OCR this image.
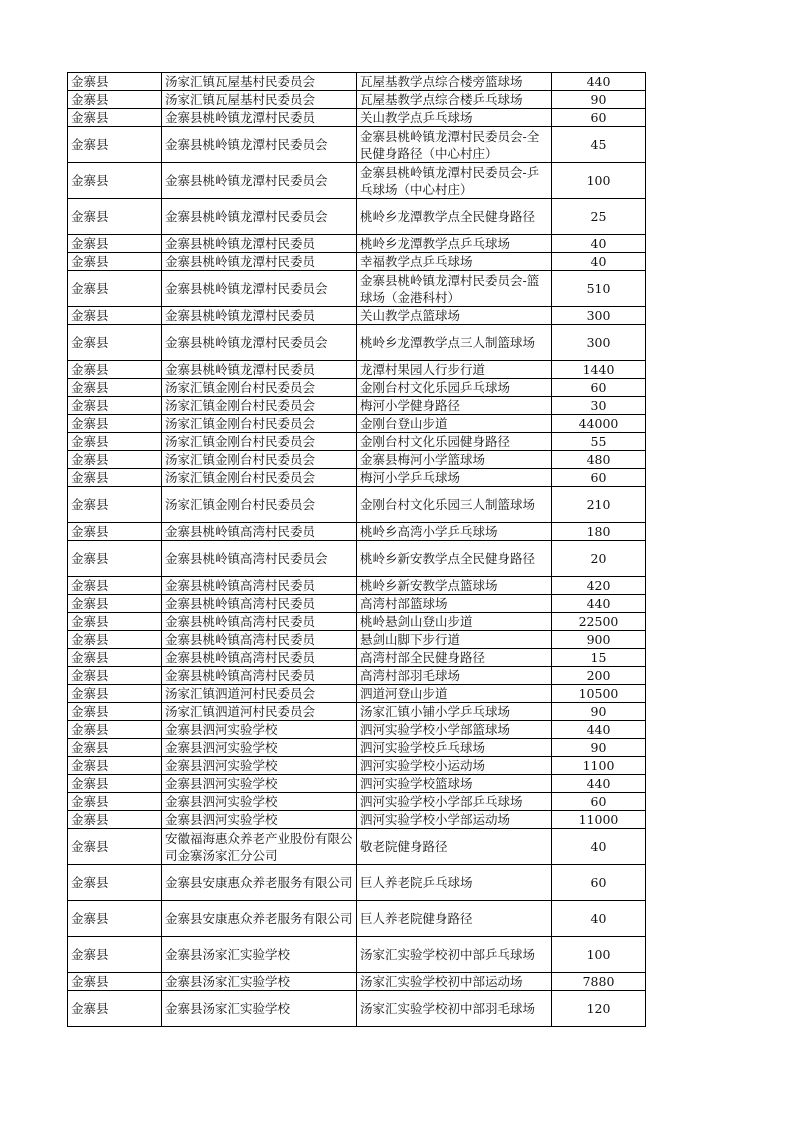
金寨县	汤家汇镇瓦屋基村民委员会	瓦屋基教学点综合楼旁篮球场	440
金寨县	汤家汇镇瓦屋基村民委员会	瓦屋基教学点综合楼乒乓球场	90
金寨县	金寨县桃岭镇龙潭村民委员	关山教学点乒乓球场	60
金寨县	金寨县桃岭镇龙潭村民委员会	金寨县桃岭镇龙潭村民委员会-全民健身路径（中心村庄）	45
金寨县	金寨县桃岭镇龙潭村民委员会	金寨县桃岭镇龙潭村民委员会-乒乓球场（中心村庄）	100
金寨县	金寨县桃岭镇龙潭村民委员会	桃岭乡龙潭教学点全民健身路径	25
金寨县	金寨县桃岭镇龙潭村民委员	桃岭乡龙潭教学点乒乓球场	40
金寨县	金寨县桃岭镇龙潭村民委员	幸福教学点乒乓球场	40
金寨县	金寨县桃岭镇龙潭村民委员会	金寨县桃岭镇龙潭村民委员会-篮球场（金港科村）	510
金寨县	金寨县桃岭镇龙潭村民委员	关山教学点篮球场	300
金寨县	金寨县桃岭镇龙潭村民委员会	桃岭乡龙潭教学点三人制篮球场	300
金寨县	金寨县桃岭镇龙潭村民委员	龙潭村果园人行步行道	1440
金寨县	汤家汇镇金刚台村民委员会	金刚台村文化乐园乒乓球场	60
金寨县	汤家汇镇金刚台村民委员会	梅河小学健身路径	30
金寨县	汤家汇镇金刚台村民委员会	金刚台登山步道	44000
金寨县	汤家汇镇金刚台村民委员会	金刚台村文化乐园健身路径	55
金寨县	汤家汇镇金刚台村民委员会	金寨县梅河小学篮球场	480
金寨县	汤家汇镇金刚台村民委员会	梅河小学乒乓球场	60
金寨县	汤家汇镇金刚台村民委员会	金刚台村文化乐园三人制篮球场	210
金寨县	金寨县桃岭镇高湾村民委员	桃岭乡高湾小学乒乓球场	180
金寨县	金寨县桃岭镇高湾村民委员会	桃岭乡新安教学点全民健身路径	20
金寨县	金寨县桃岭镇高湾村民委员	桃岭乡新安教学点篮球场	420
金寨县	金寨县桃岭镇高湾村民委员	高湾村部篮球场	440
金寨县	金寨县桃岭镇高湾村民委员	桃岭悬剑山登山步道	22500
金寨县	金寨县桃岭镇高湾村民委员	悬剑山脚下步行道	900
金寨县	金寨县桃岭镇高湾村民委员	高湾村部全民健身路径	15
金寨县	金寨县桃岭镇高湾村民委员	高湾村部羽毛球场	200
金寨县	汤家汇镇泗道河村民委员会	泗道河登山步道	10500
金寨县	汤家汇镇泗道河村民委员会	汤家汇镇小铺小学乒乓球场	90
金寨县	金寨县泗河实验学校	泗河实验学校小学部篮球场	440
金寨县	金寨县泗河实验学校	泗河实验学校乒乓球场	90
金寨县	金寨县泗河实验学校	泗河实验学校小运动场	1100
金寨县	金寨县泗河实验学校	泗河实验学校篮球场	440
金寨县	金寨县泗河实验学校	泗河实验学校小学部乒乓球场	60
金寨县	金寨县泗河实验学校	泗河实验学校小学部运动场	11000
金寨县	安徽福海惠众养老产业股份有限公司金寨汤家汇分公司	敬老院健身路径	40
金寨县	金寨县安康惠众养老服务有限公司	巨人养老院乒乓球场	60
金寨县	金寨县安康惠众养老服务有限公司	巨人养老院健身路径	40
金寨县	金寨县汤家汇实验学校	汤家汇实验学校初中部乒乓球场	100
金寨县	金寨县汤家汇实验学校	汤家汇实验学校初中部运动场	7880
金寨县	金寨县汤家汇实验学校	汤家汇实验学校初中部羽毛球场	120
